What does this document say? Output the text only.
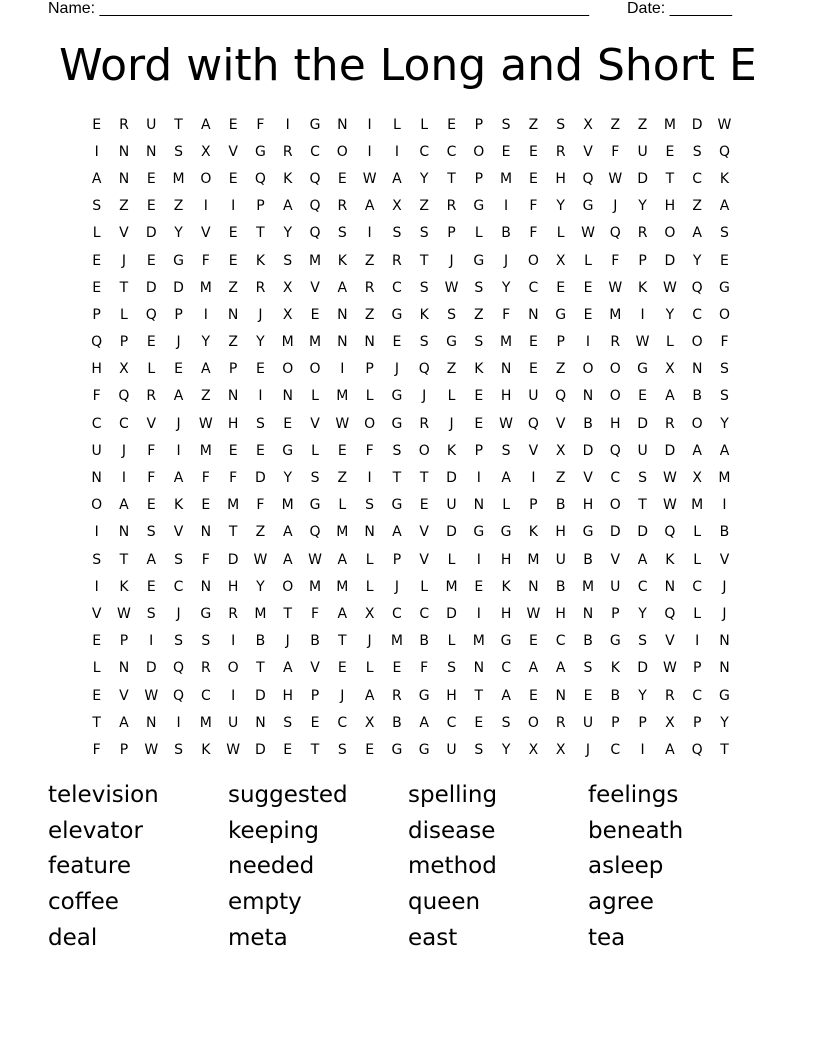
Name: _______________________________________________________ Date: _______
Word with the Long and Short E
E	R	U	T	A	E	F	I	G	N	I	L	L	E	P	S	Z	S	X	Z	Z	M	D	W
I	N	N	S	X	V	G	R	C	O	I	I	C	C	O	E	E	R	V	F	U	E	S	Q
A	N	E	M	O	E	Q	K	Q	E	W	A	Y	T	P	M	E	H	Q	W	D	T	C	K
S	Z	E	Z	I	I	P	A	Q	R	A	X	Z	R	G	I	F	Y	G	J	Y	H	Z	A
L	V	D	Y	V	E	T	Y	Q	S	I	S	S	P	L	B	F	L	W	Q	R	O	A	S
E	J	E	G	F	E	K	S	M	K	Z	R	T	J	G	J	O	X	L	F	P	D	Y	E
E	T	D	D	M	Z	R	X	V	A	R	C	S	W	S	Y	C	E	E	W	K	W	Q	G
P	L	Q	P	I	N	J	X	E	N	Z	G	K	S	Z	F	N	G	E	M	I	Y	C	O
Q	P	E	J	Y	Z	Y	M	M	N	N	E	S	G	S	M	E	P	I	R	W	L	O	F
H	X	L	E	A	P	E	O	O	I	P	J	Q	Z	K	N	E	Z	O	O	G	X	N	S
F	Q	R	A	Z	N	I	N	L	M	L	G	J	L	E	H	U	Q	N	O	E	A	B	S
C	C	V	J	W	H	S	E	V	W	O	G	R	J	E	W	Q	V	B	H	D	R	O	Y
U	J	F	I	M	E	E	G	L	E	F	S	O	K	P	S	V	X	D	Q	U	D	A	A
N	I	F	A	F	F	D	Y	S	Z	I	T	T	D	I	A	I	Z	V	C	S	W	X	M
O	A	E	K	E	M	F	M	G	L	S	G	E	U	N	L	P	B	H	O	T	W	M	I
I	N	S	V	N	T	Z	A	Q	M	N	A	V	D	G	G	K	H	G	D	D	Q	L	B
S	T	A	S	F	D	W	A	W	A	L	P	V	L	I	H	M	U	B	V	A	K	L	V
I	K	E	C	N	H	Y	O	M	M	L	J	L	M	E	K	N	B	M	U	C	N	C	J
V	W	S	J	G	R	M	T	F	A	X	C	C	D	I	H	W	H	N	P	Y	Q	L	J
E	P	I	S	S	I	B	J	B	T	J	M	B	L	M	G	E	C	B	G	S	V	I	N
L	N	D	Q	R	O	T	A	V	E	L	E	F	S	N	C	A	A	S	K	D	W	P	N
E	V	W	Q	C	I	D	H	P	J	A	R	G	H	T	A	E	N	E	B	Y	R	C	G
T	A	N	I	M	U	N	S	E	C	X	B	A	C	E	S	O	R	U	P	P	X	P	Y
F	P	W	S	K	W	D	E	T	S	E	G	G	U	S	Y	X	X	J	C	I	A	Q	T
television	suggested	spelling	feelings
elevator	keeping	disease	beneath
feature	needed	method	asleep
coffee	empty	queen	agree
deal	meta	east	tea
